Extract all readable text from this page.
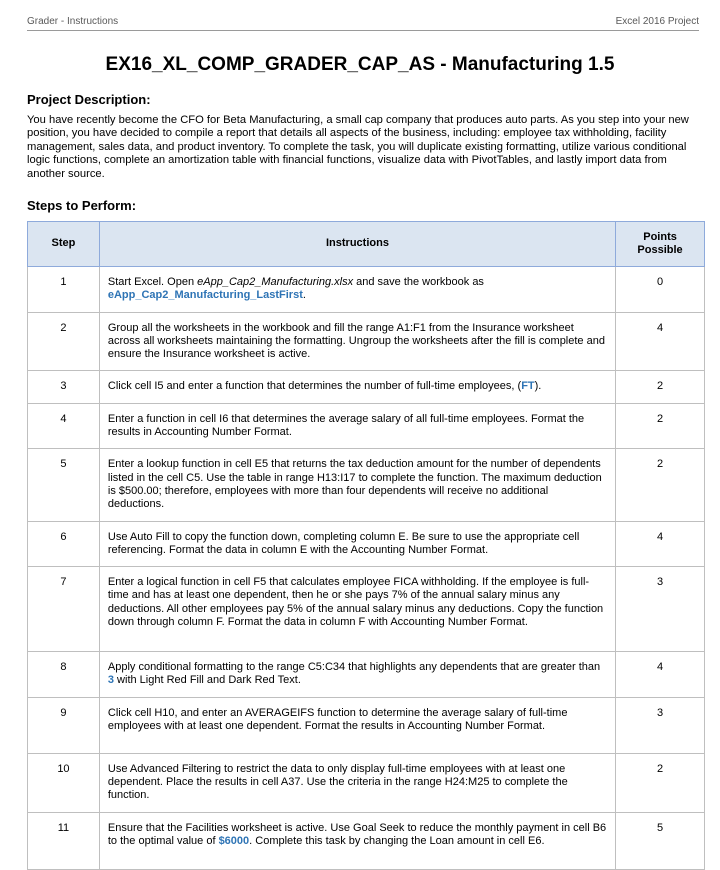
Grader - Instructions	Excel 2016 Project
EX16_XL_COMP_GRADER_CAP_AS - Manufacturing 1.5
Project Description:
You have recently become the CFO for Beta Manufacturing, a small cap company that produces auto parts. As you step into your new position, you have decided to compile a report that details all aspects of the business, including: employee tax withholding, facility management, sales data, and product inventory. To complete the task, you will duplicate existing formatting, utilize various conditional logic functions, complete an amortization table with financial functions, visualize data with PivotTables, and lastly import data from another source.
Steps to Perform:
Step	Instructions	Points
Possible
1	Start Excel. Open eApp_Cap2_Manufacturing.xlsx and save the workbook as
eApp_Cap2_Manufacturing_LastFirst.	0
2	Group all the worksheets in the workbook and fill the range A1:F1 from the Insurance worksheet across all worksheets maintaining the formatting. Ungroup the worksheets after the fill is complete and ensure the Insurance worksheet is active.	4
3	Click cell I5 and enter a function that determines the number of full-time employees, (FT).	2
4	Enter a function in cell I6 that determines the average salary of all full-time employees. Format the results in Accounting Number Format.	2
5	Enter a lookup function in cell E5 that returns the tax deduction amount for the number of dependents listed in the cell C5. Use the table in range H13:I17 to complete the function. The maximum deduction is $500.00; therefore, employees with more than four dependents will receive no additional deductions.	2
6	Use Auto Fill to copy the function down, completing column E. Be sure to use the appropriate cell referencing. Format the data in column E with the Accounting Number Format.	4
7	Enter a logical function in cell F5 that calculates employee FICA withholding. If the employee is full-time and has at least one dependent, then he or she pays 7% of the annual salary minus any deductions. All other employees pay 5% of the annual salary minus any deductions. Copy the function down through column F. Format the data in column F with Accounting Number Format.	3
8	Apply conditional formatting to the range C5:C34 that highlights any dependents that are greater than 3 with Light Red Fill and Dark Red Text.	4
9	Click cell H10, and enter an AVERAGEIFS function to determine the average salary of full-time employees with at least one dependent. Format the results in Accounting Number Format.	3
10	Use Advanced Filtering to restrict the data to only display full-time employees with at least one dependent. Place the results in cell A37. Use the criteria in the range H24:M25 to complete the function.	2
11	Ensure that the Facilities worksheet is active. Use Goal Seek to reduce the monthly payment in cell B6 to the optimal value of $6000. Complete this task by changing the Loan amount in cell E6.	5
